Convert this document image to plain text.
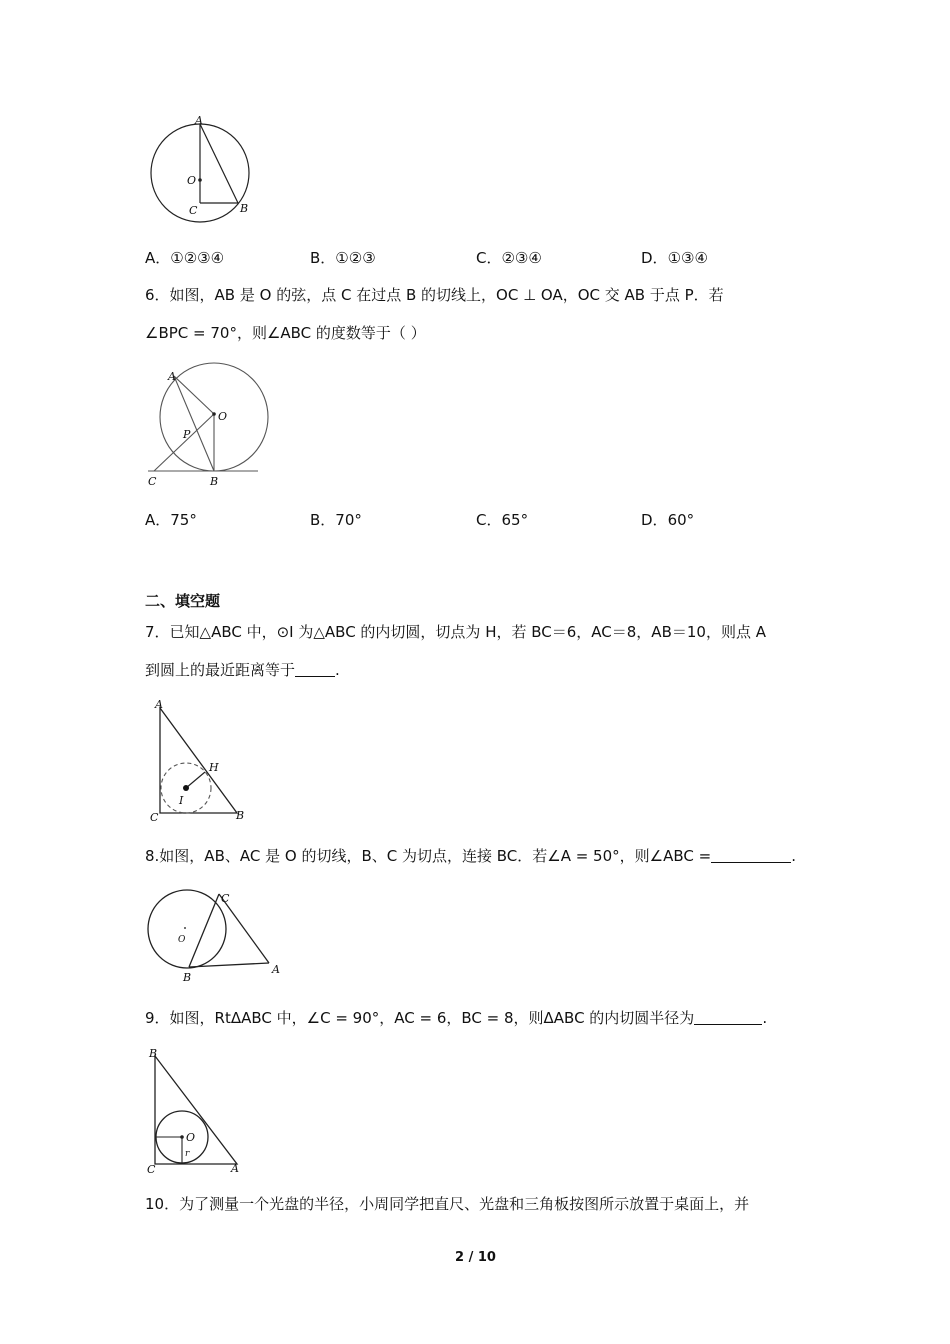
A
O
C	B
A．①②③④	B．①②③	C．②③④	D．①③④
6．如图，AB 是 O 的弦，点 C 在过点 B 的切线上，OC ⊥ OA，OC 交 AB 于点 P．若
∠BPC = 70°，则∠ABC 的度数等于（ ）
A
O
P
C	B
A．75°	B．70°	C．65°	D．60°
二、填空题
7．已知△ABC 中，⊙I 为△ABC 的内切圆，切点为 H，若 BC＝6，AC＝8，AB＝10，则点 A
到圆上的最近距离等于	.
A
H
I
C	B
8.如图，AB、AC 是 O 的切线，B、C 为切点，连接 BC．若∠A = 50°，则∠ABC =	.
C
O
B
A
9．如图，RtΔABC 中，∠C = 90°，AC = 6，BC = 8，则ΔABC 的内切圆半径为	.
B
O
r
C	A
10．为了测量一个光盘的半径，小周同学把直尺、光盘和三角板按图所示放置于桌面上，并
2 / 10
